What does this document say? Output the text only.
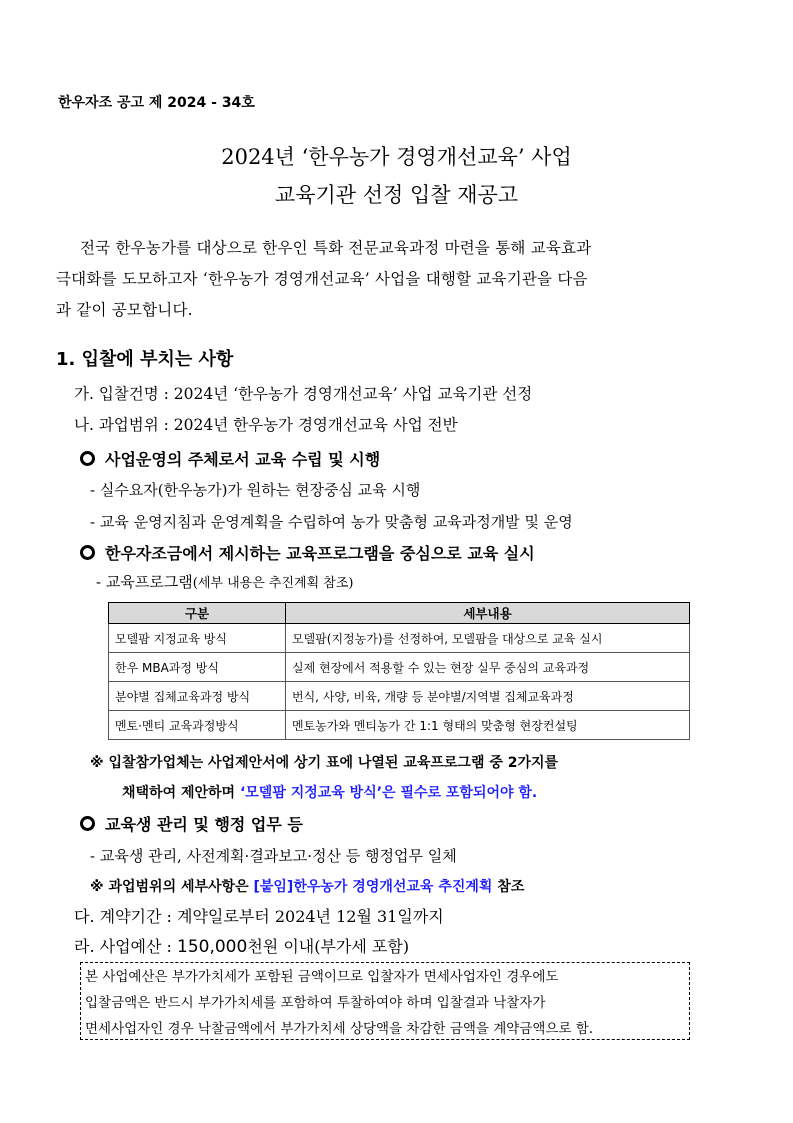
한우자조 공고 제 2024 - 34호
2024년 ‘한우농가 경영개선교육’ 사업
교육기관 선정 입찰 재공고
전국 한우농가를 대상으로 한우인 특화 전문교육과정 마련을 통해 교육효과
극대화를 도모하고자 ‘한우농가 경영개선교육’ 사업을 대행할 교육기관을 다음
과 같이 공모합니다.
1. 입찰에 부치는 사항
가. 입찰건명 : 2024년 ‘한우농가 경영개선교육’ 사업 교육기관 선정
나. 과업범위 : 2024년 한우농가 경영개선교육 사업 전반
사업운영의 주체로서 교육 수립 및 시행
- 실수요자(한우농가)가 원하는 현장중심 교육 시행
- 교육 운영지침과 운영계획을 수립하여 농가 맞춤형 교육과정개발 및 운영
한우자조금에서 제시하는 교육프로그램을 중심으로 교육 실시
- 교육프로그램(세부 내용은 추진계획 참조)
구분	세부내용
모델팜 지정교육 방식	모델팜(지정농가)를 선정하여, 모델팜을 대상으로 교육 실시
한우 MBA과정 방식	실제 현장에서 적용할 수 있는 현장 실무 중심의 교육과정
분야별 집체교육과정 방식	번식, 사양, 비육, 개량 등 분야별/지역별 집체교육과정
멘토·멘티 교육과정방식	멘토농가와 멘티농가 간 1:1 형태의 맞춤형 현장컨설팅
※ 입찰참가업체는 사업제안서에 상기 표에 나열된 교육프로그램 중 2가지를
채택하여 제안하며 ‘모델팜 지정교육 방식’은 필수로 포함되어야 함.
교육생 관리 및 행정 업무 등
- 교육생 관리, 사전계획·결과보고·정산 등 행정업무 일체
※ 과업범위의 세부사항은 [붙임]한우농가 경영개선교육 추진계획 참조
다. 계약기간 : 계약일로부터 2024년 12월 31일까지
라. 사업예산 : 150,000천원 이내(부가세 포함)
본 사업예산은 부가가치세가 포함된 금액이므로 입찰자가 면세사업자인 경우에도
입찰금액은 반드시 부가가치세를 포함하여 투찰하여야 하며 입찰결과 낙찰자가
면세사업자인 경우 낙찰금액에서 부가가치세 상당액을 차감한 금액을 계약금액으로 함.
